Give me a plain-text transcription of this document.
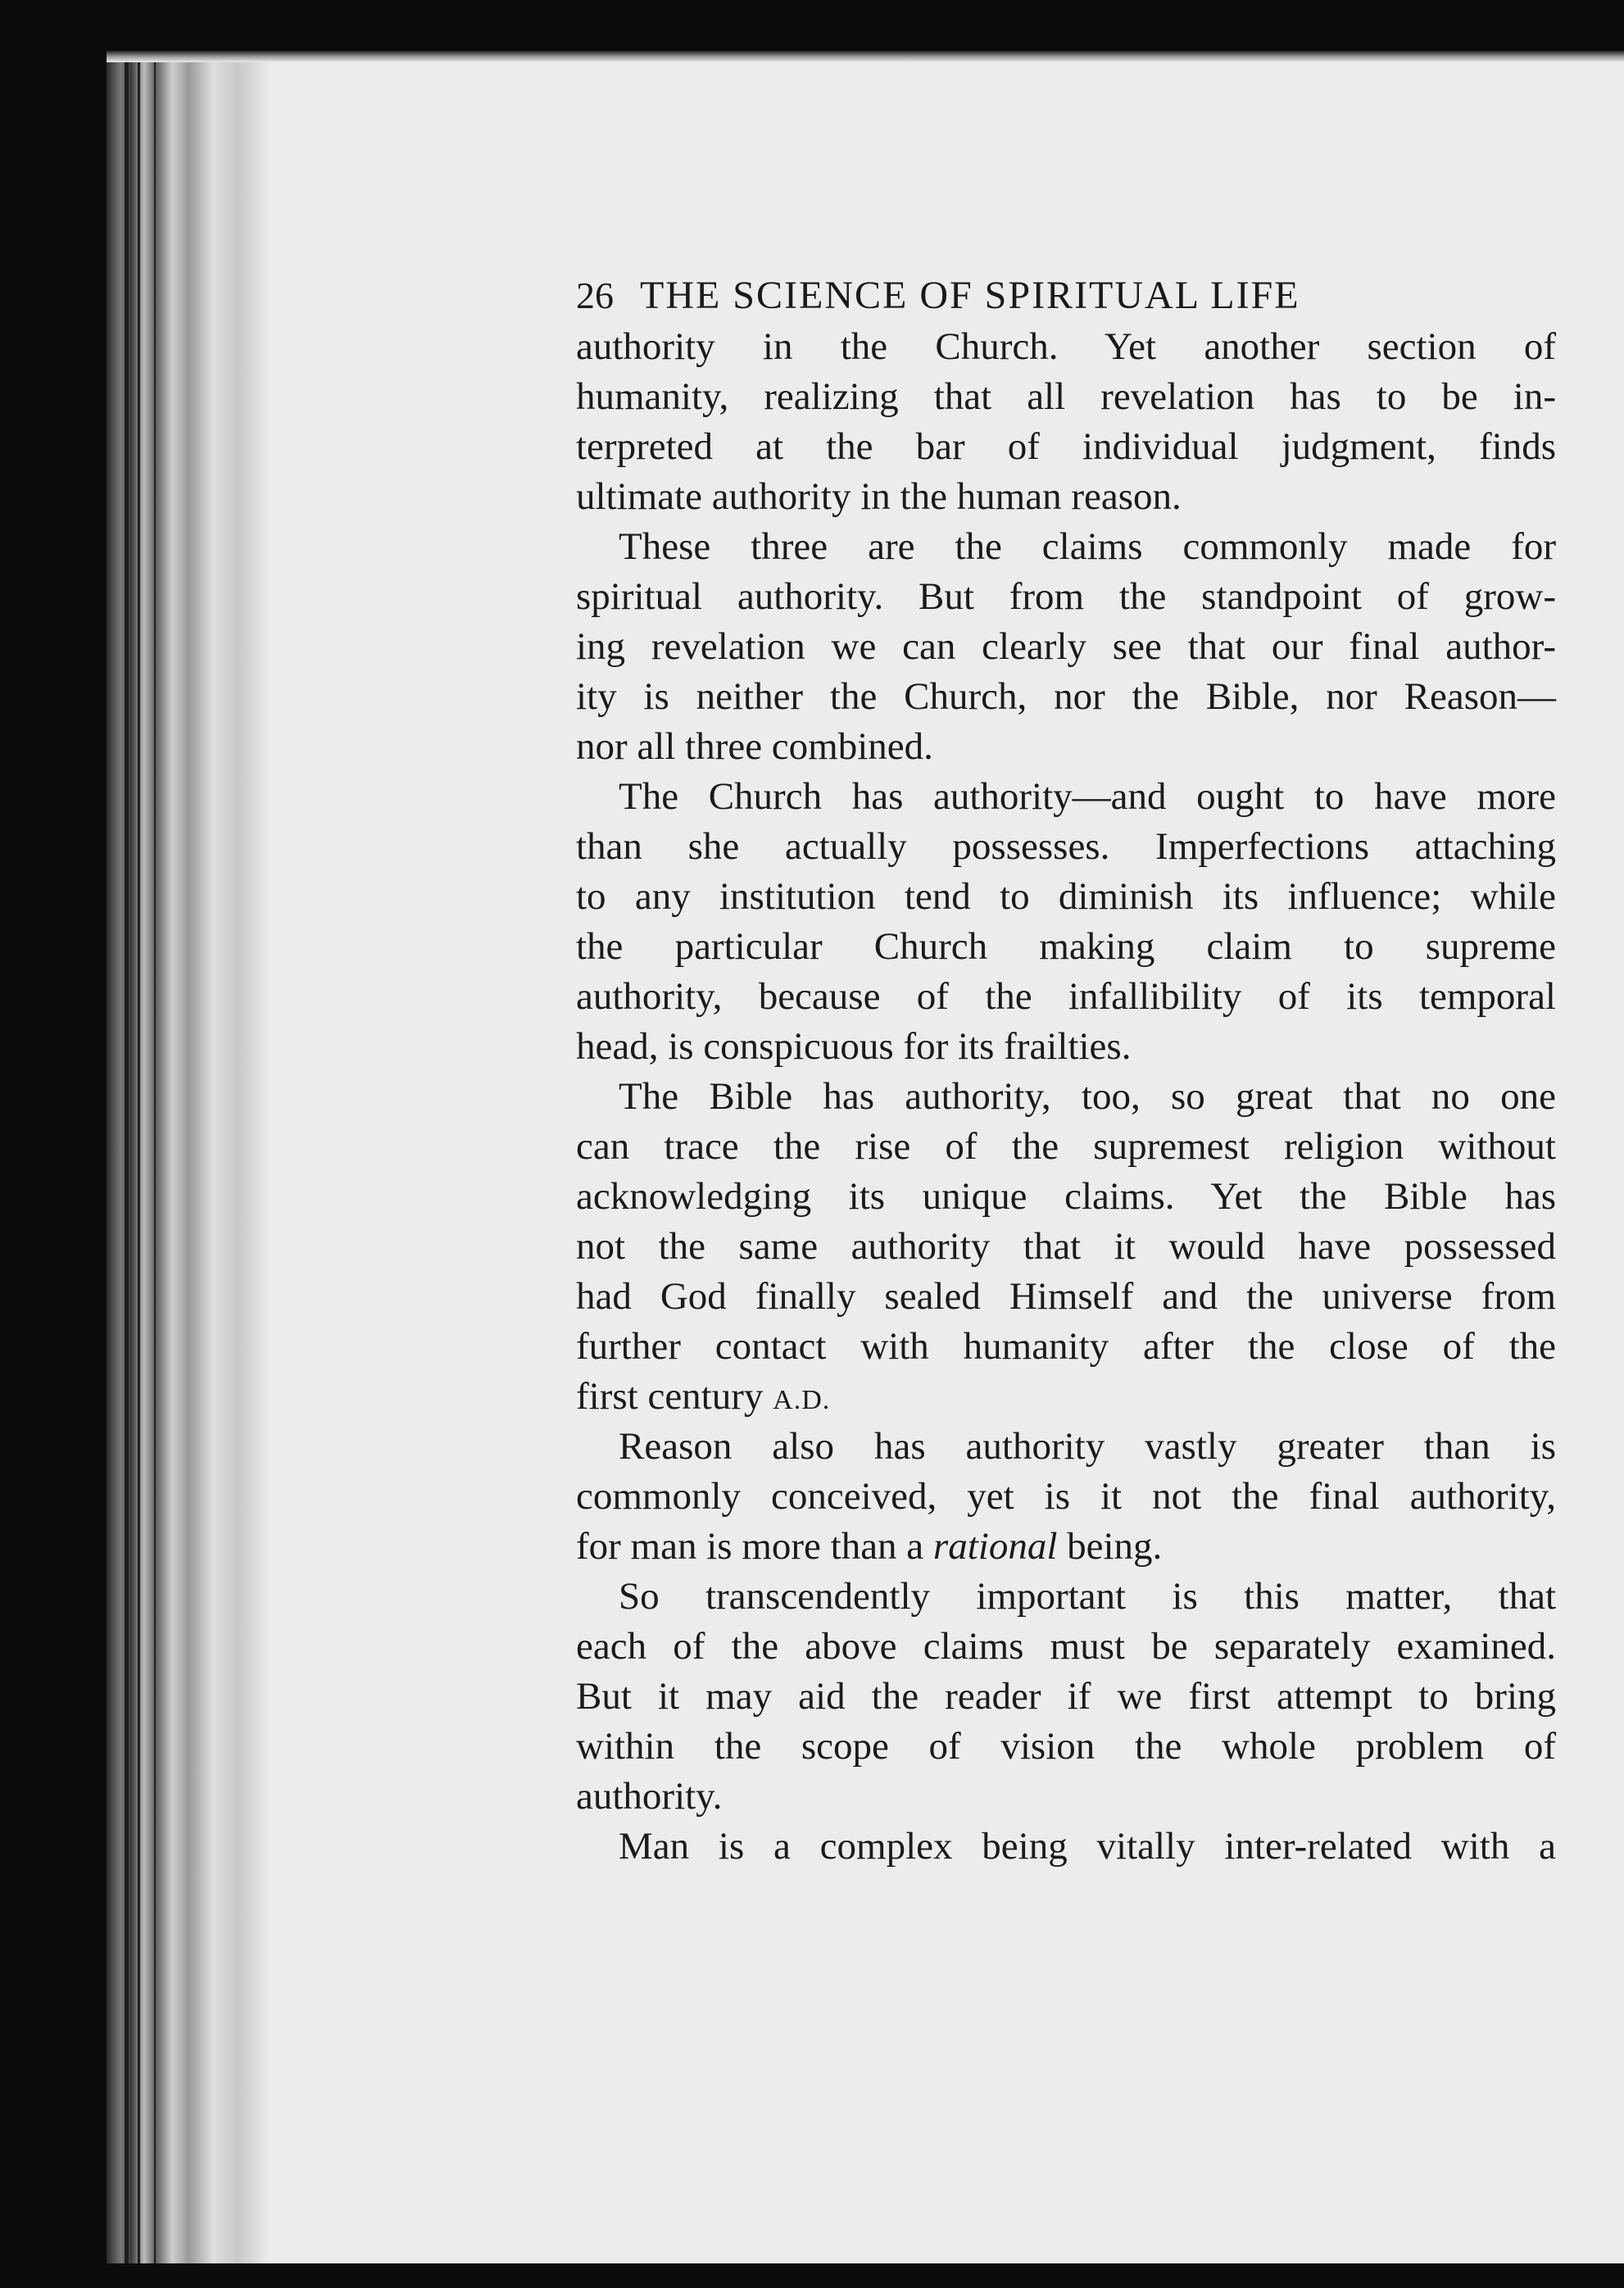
26 THE SCIENCE OF SPIRITUAL LIFE
authority in the Church. Yet another section of
humanity, realizing that all revelation has to be in-
terpreted at the bar of individual judgment, finds
ultimate authority in the human reason.
These three are the claims commonly made for
spiritual authority. But from the standpoint of grow-
ing revelation we can clearly see that our final author-
ity is neither the Church, nor the Bible, nor Reason—
nor all three combined.
The Church has authority—and ought to have more
than she actually possesses. Imperfections attaching
to any institution tend to diminish its influence; while
the particular Church making claim to supreme
authority, because of the infallibility of its temporal
head, is conspicuous for its frailties.
The Bible has authority, too, so great that no one
can trace the rise of the supremest religion without
acknowledging its unique claims. Yet the Bible has
not the same authority that it would have possessed
had God finally sealed Himself and the universe from
further contact with humanity after the close of the
first century A.D.
Reason also has authority vastly greater than is
commonly conceived, yet is it not the final authority,
for man is more than a rational being.
So transcendently important is this matter, that
each of the above claims must be separately examined.
But it may aid the reader if we first attempt to bring
within the scope of vision the whole problem of
authority.
Man is a complex being vitally inter-related with a
